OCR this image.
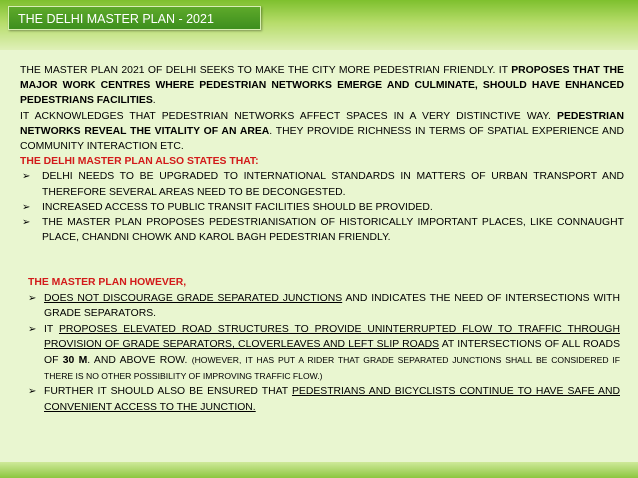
THE DELHI MASTER PLAN - 2021

THE MASTER PLAN 2021 OF DELHI SEEKS TO MAKE THE CITY MORE PEDESTRIAN FRIENDLY. IT PROPOSES THAT THE MAJOR WORK CENTRES WHERE PEDESTRIAN NETWORKS EMERGE AND CULMINATE, SHOULD HAVE ENHANCED PEDESTRIANS FACILITIES.

IT ACKNOWLEDGES THAT PEDESTRIAN NETWORKS AFFECT SPACES IN A VERY DISTINCTIVE WAY. PEDESTRIAN NETWORKS REVEAL THE VITALITY OF AN AREA. THEY PROVIDE RICHNESS IN TERMS OF SPATIAL EXPERIENCE AND COMMUNITY INTERACTION ETC.

THE DELHI MASTER PLAN ALSO STATES THAT:

➢ DELHI NEEDS TO BE UPGRADED TO INTERNATIONAL STANDARDS IN MATTERS OF URBAN TRANSPORT AND THEREFORE SEVERAL AREAS NEED TO BE DECONGESTED.
➢ INCREASED ACCESS TO PUBLIC TRANSIT FACILITIES SHOULD BE PROVIDED.
➢ THE MASTER PLAN PROPOSES PEDESTRIANISATION OF HISTORICALLY IMPORTANT PLACES, LIKE CONNAUGHT PLACE, CHANDNI CHOWK AND KAROL BAGH PEDESTRIAN FRIENDLY.

THE MASTER PLAN HOWEVER,

➢ DOES NOT DISCOURAGE GRADE SEPARATED JUNCTIONS AND INDICATES THE NEED OF INTERSECTIONS WITH GRADE SEPARATORS.
➢ IT PROPOSES ELEVATED ROAD STRUCTURES TO PROVIDE UNINTERRUPTED FLOW TO TRAFFIC THROUGH PROVISION OF GRADE SEPARATORS, CLOVERLEAVES AND LEFT SLIP ROADS AT INTERSECTIONS OF ALL ROADS OF 30 M. AND ABOVE ROW. (HOWEVER, IT HAS PUT A RIDER THAT GRADE SEPARATED JUNCTIONS SHALL BE CONSIDERED IF THERE IS NO OTHER POSSIBILITY OF IMPROVING TRAFFIC FLOW.)
➢ FURTHER IT SHOULD ALSO BE ENSURED THAT PEDESTRIANS AND BICYCLISTS CONTINUE TO HAVE SAFE AND CONVENIENT ACCESS TO THE JUNCTION.
